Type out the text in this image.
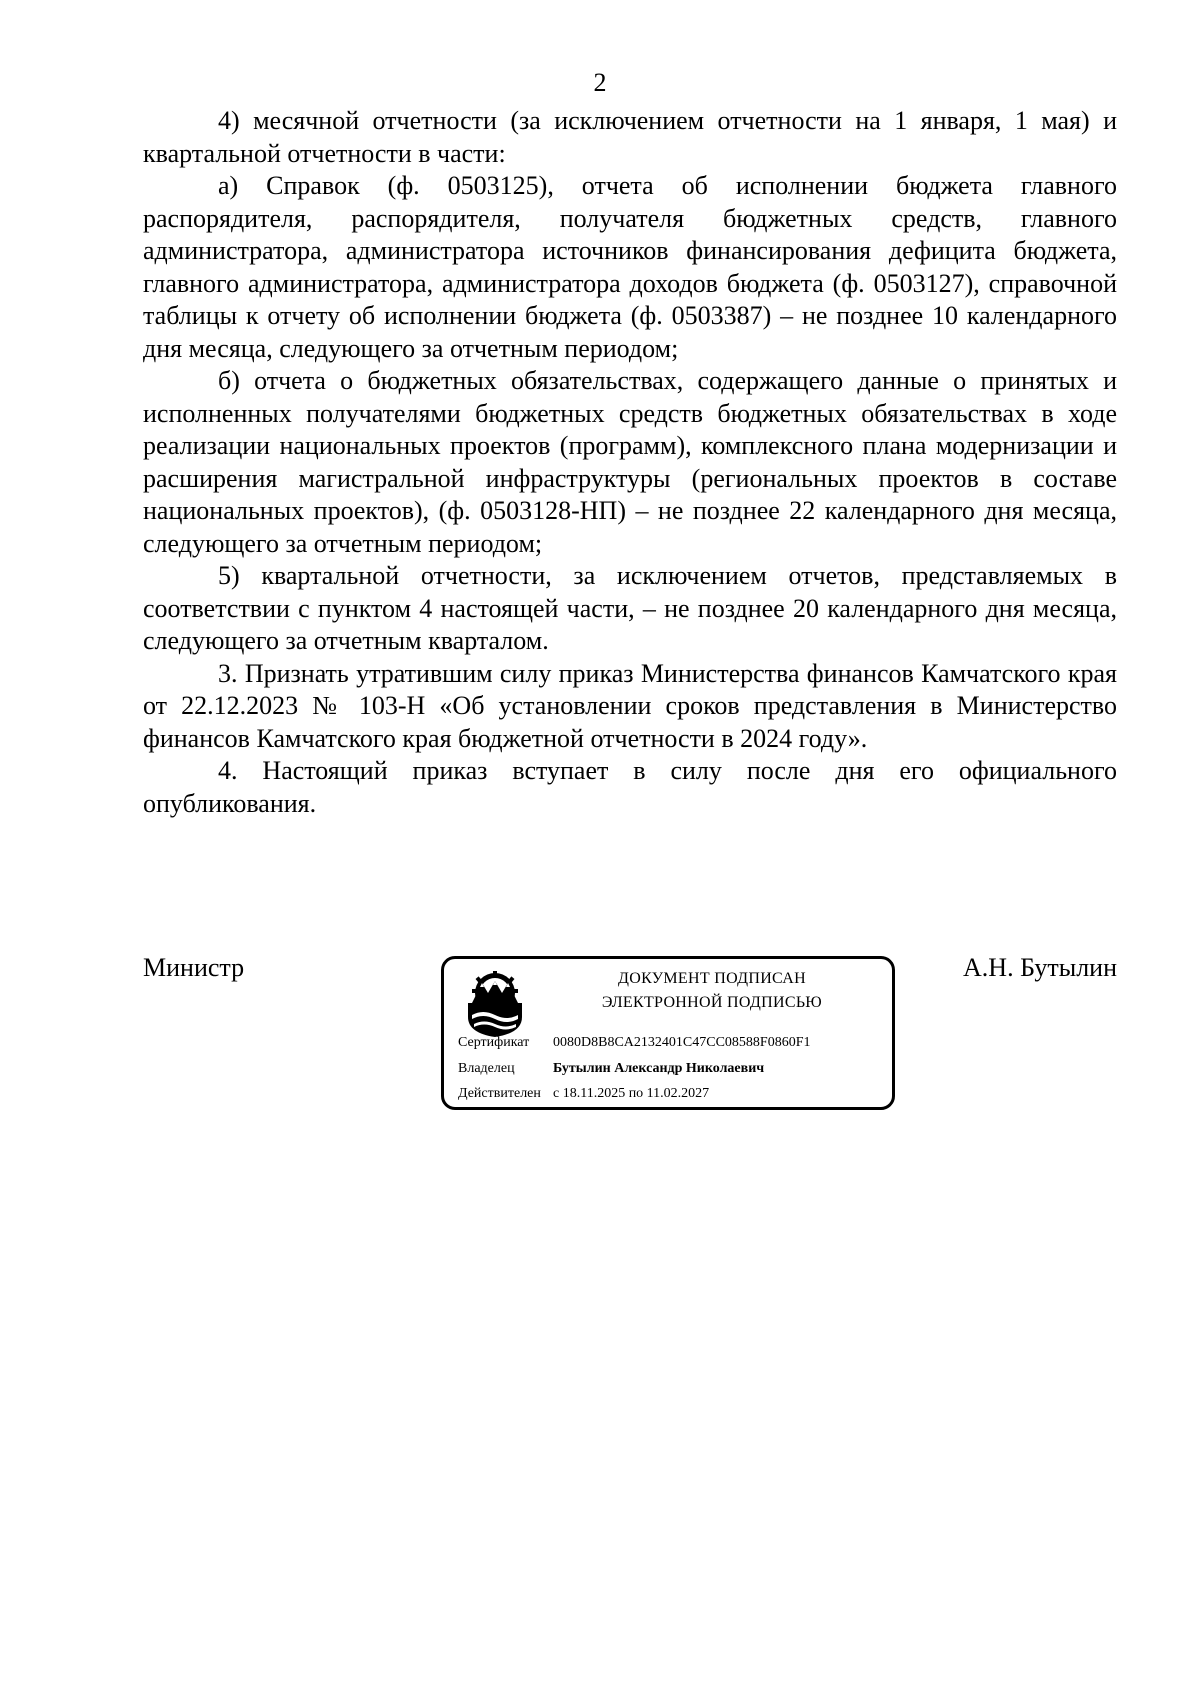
2

4) месячной отчетности (за исключением отчетности на 1 января, 1 мая) и квартальной отчетности в части:

а) Справок (ф. 0503125), отчета об исполнении бюджета главного распорядителя, распорядителя, получателя бюджетных средств, главного администратора, администратора источников финансирования дефицита бюджета, главного администратора, администратора доходов бюджета (ф. 0503127), справочной таблицы к отчету об исполнении бюджета (ф. 0503387) – не позднее 10 календарного дня месяца, следующего за отчетным периодом;

б) отчета о бюджетных обязательствах, содержащего данные о принятых и исполненных получателями бюджетных средств бюджетных обязательствах в ходе реализации национальных проектов (программ), комплексного плана модернизации и расширения магистральной инфраструктуры (региональных проектов в составе национальных проектов), (ф. 0503128-НП) – не позднее 22 календарного дня месяца, следующего за отчетным периодом;

5) квартальной отчетности, за исключением отчетов, представляемых в соответствии с пунктом 4 настоящей части, – не позднее 20 календарного дня месяца, следующего за отчетным кварталом.

3. Признать утратившим силу приказ Министерства финансов Камчатского края от 22.12.2023 № 103-Н «Об установлении сроков представления в Министерство финансов Камчатского края бюджетной отчетности в 2024 году».

4. Настоящий приказ вступает в силу после дня его официального опубликования.

Министр	ДОКУМЕНТ ПОДПИСАН
ЭЛЕКТРОННОЙ ПОДПИСЬЮ
Сертификат 0080D8B8CA2132401C47CC08588F0860F1
Владелец	Бутылин Александр Николаевич
Действителен с 18.11.2025 по 11.02.2027
А.Н. Бутылин
